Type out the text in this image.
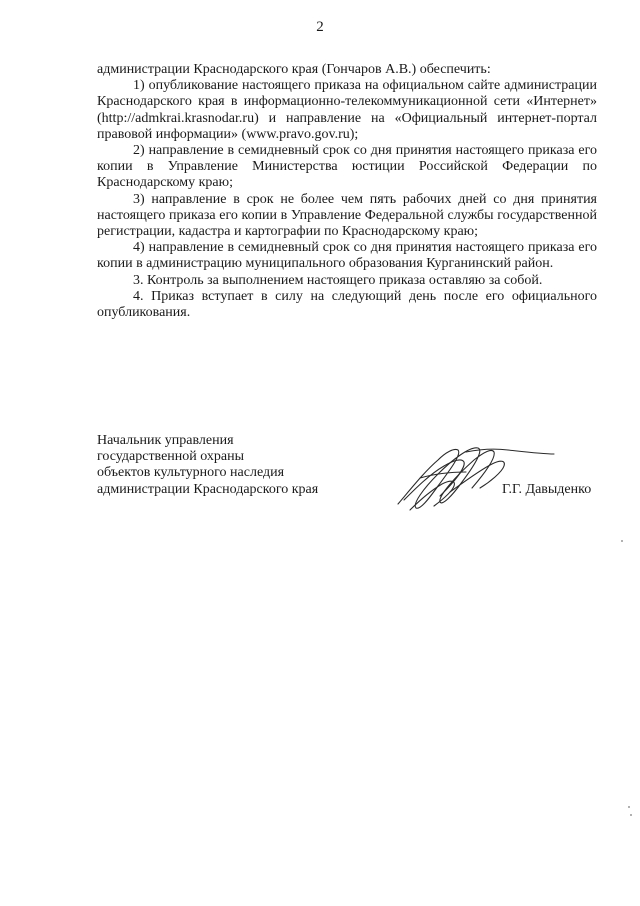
2

администрации Краснодарского края (Гончаров А.В.) обеспечить:

1) опубликование настоящего приказа на официальном сайте администрации Краснодарского края в информационно-телекоммуникационной сети «Интернет» (http://admkrai.krasnodar.ru) и направление на «Официальный интернет-портал правовой информации» (www.pravo.gov.ru);

2) направление в семидневный срок со дня принятия настоящего приказа его копии в Управление Министерства юстиции Российской Федерации по Краснодарскому краю;

3) направление в срок не более чем пять рабочих дней со дня принятия настоящего приказа его копии в Управление Федеральной службы государственной регистрации, кадастра и картографии по Краснодарскому краю;

4) направление в семидневный срок со дня принятия настоящего приказа его копии в администрацию муниципального образования Курганинский район.

3. Контроль за выполнением настоящего приказа оставляю за собой.

4. Приказ вступает в силу на следующий день после его официального опубликования.

Начальник управления
государственной охраны
объектов культурного наследия
администрации Краснодарского края	Г.Г. Давыденко
